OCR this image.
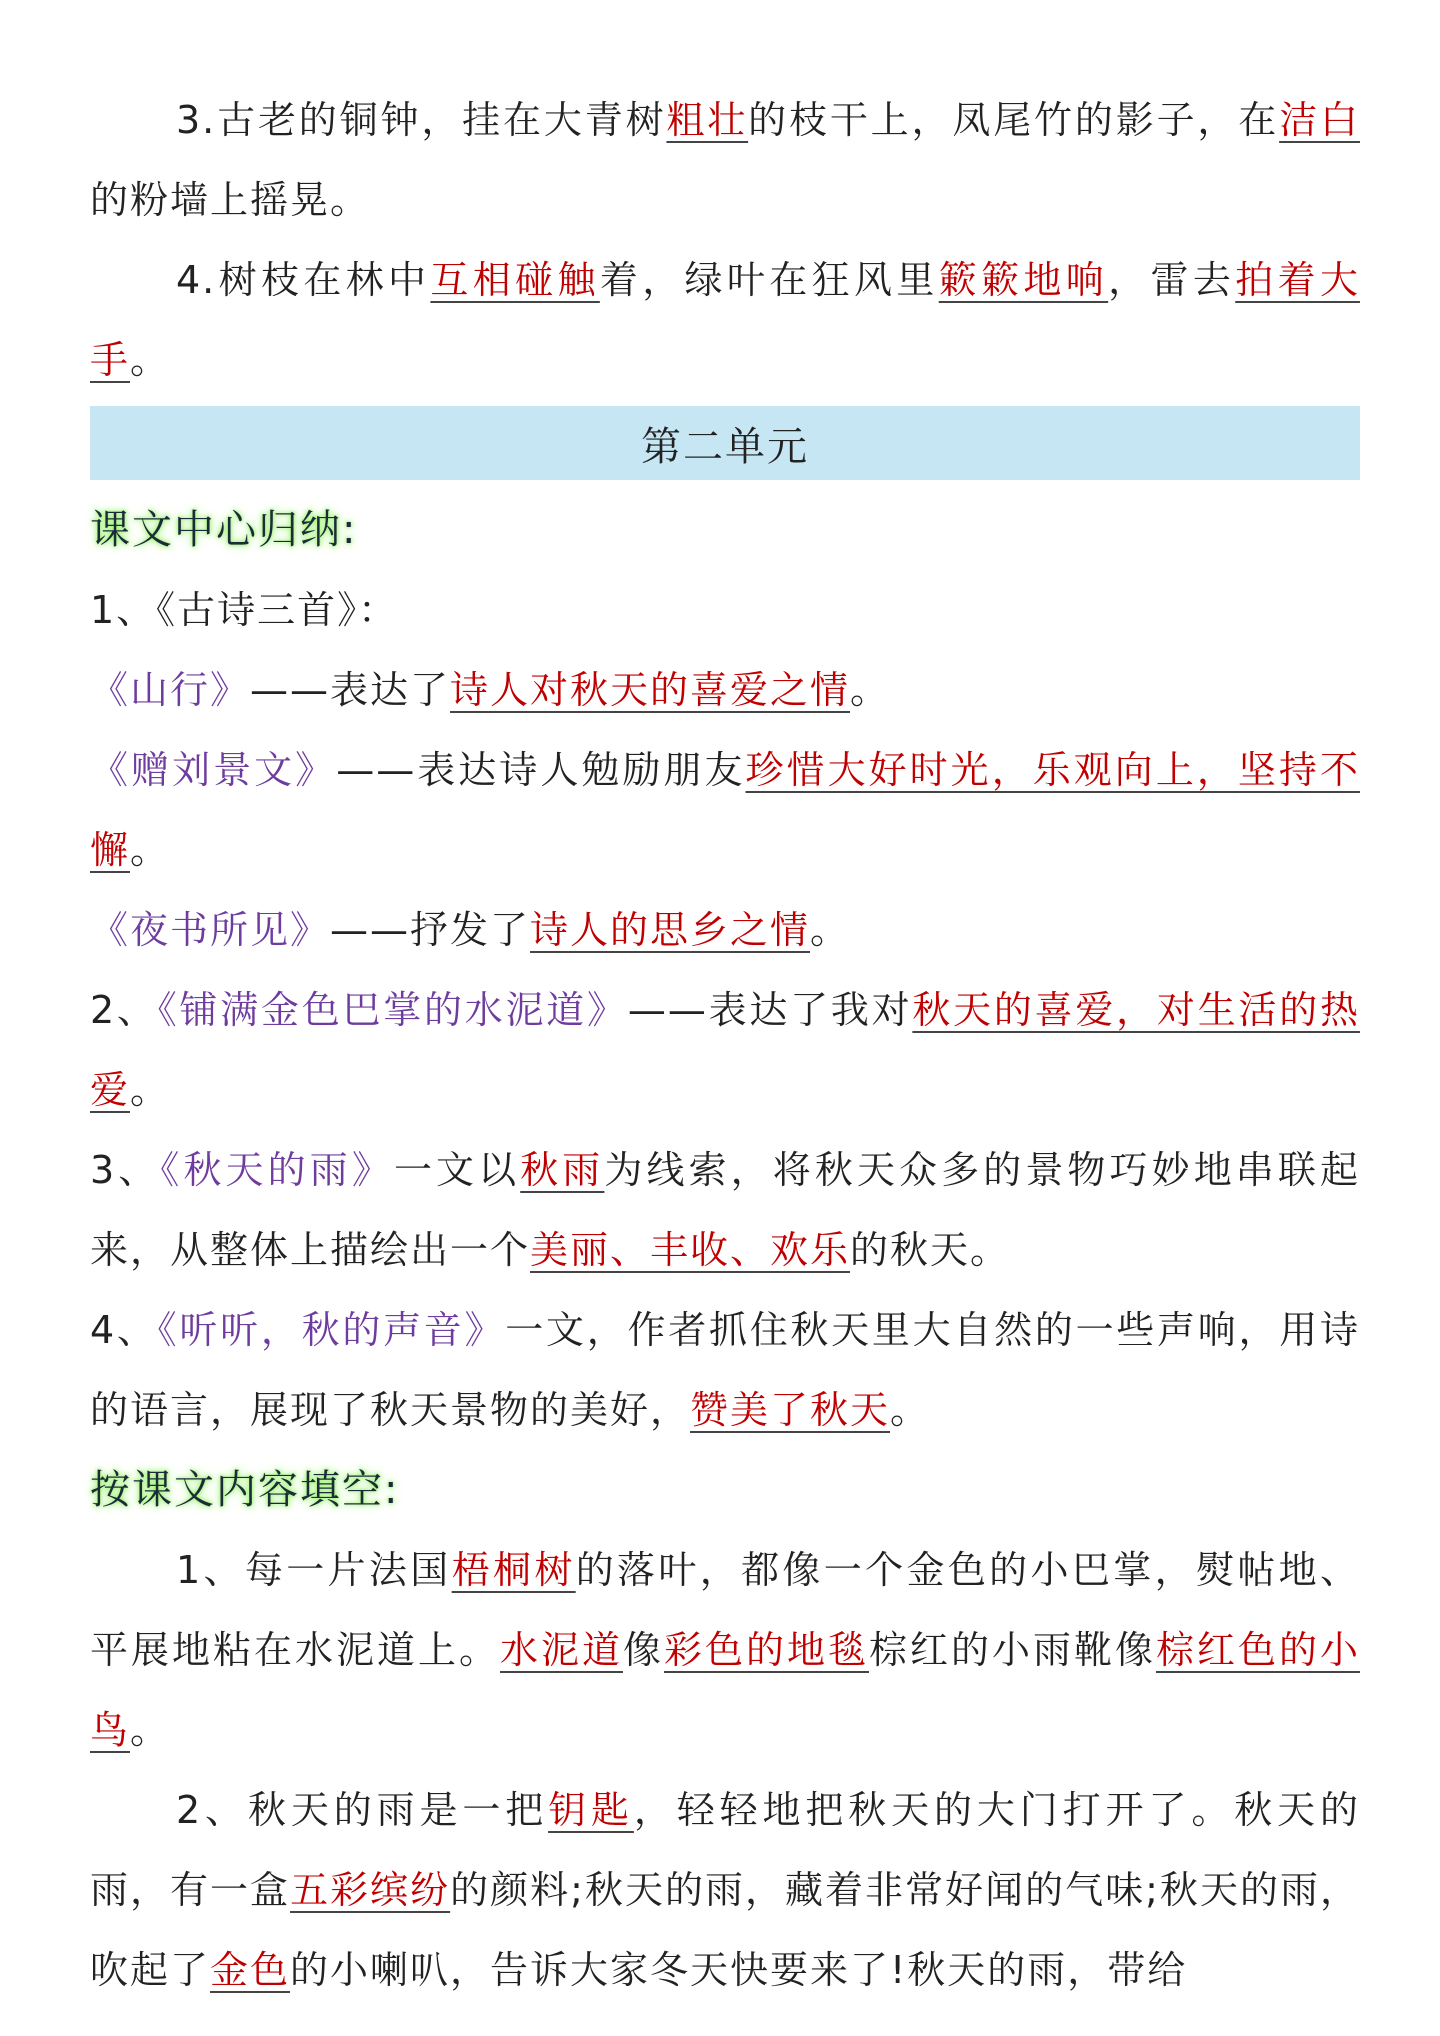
3.古老的铜钟，挂在大青树粗壮的枝干上，凤尾竹的影子，在洁白的粉墙上摇晃。

4.树枝在林中互相碰触着，绿叶在狂风里簌簌地响，雷去拍着大手。

第二单元

课文中心归纳:

1、《古诗三首》：

《山行》——表达了诗人对秋天的喜爱之情。

《赠刘景文》——表达诗人勉励朋友珍惜大好时光，乐观向上，坚持不懈。

《夜书所见》——抒发了诗人的思乡之情。

2、《铺满金色巴掌的水泥道》——表达了我对秋天的喜爱，对生活的热爱。

3、《秋天的雨》一文以秋雨为线索，将秋天众多的景物巧妙地串联起来，从整体上描绘出一个美丽、丰收、欢乐的秋天。

4、《听听，秋的声音》一文，作者抓住秋天里大自然的一些声响，用诗的语言，展现了秋天景物的美好，赞美了秋天。

按课文内容填空:

1、每一片法国梧桐树的落叶，都像一个金色的小巴掌，熨帖地、平展地粘在水泥道上。水泥道像彩色的地毯棕红的小雨靴像棕红色的小鸟。

2、秋天的雨是一把钥匙，轻轻地把秋天的大门打开了。秋天的雨，有一盒五彩缤纷的颜料;秋天的雨，藏着非常好闻的气味;秋天的雨，吹起了金色的小喇叭，告诉大家冬天快要来了!秋天的雨，带给
